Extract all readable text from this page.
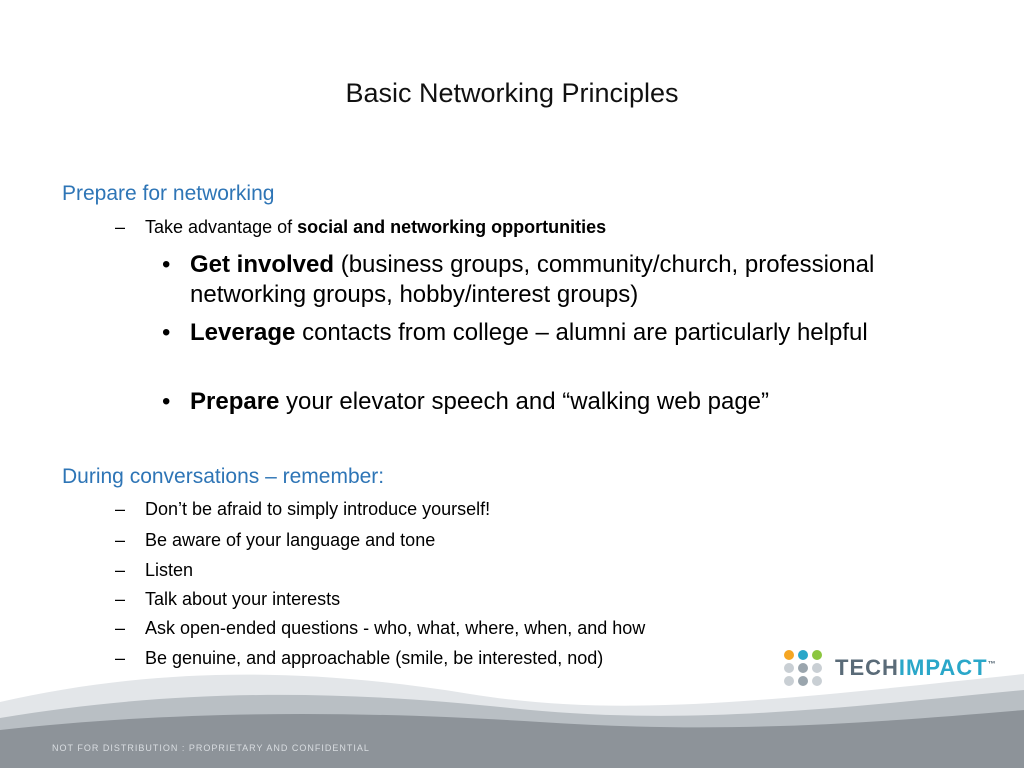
Basic Networking Principles
Prepare for networking
–	Take advantage of social and networking opportunities
• Get involved (business groups, community/church, professional networking groups, hobby/interest groups)
• Leverage contacts from college – alumni are particularly helpful
• Prepare your elevator speech and “walking web page”
During conversations – remember:
–	Don’t be afraid to simply introduce yourself!
–	Be aware of your language and tone
–	Listen
–	Talk about your interests
–	Ask open-ended questions - who, what, where, when, and how
–	Be genuine, and approachable (smile, be interested, nod)	TECHIMPACT™
NOT FOR DISTRIBUTION : PROPRIETARY AND CONFIDENTIAL
